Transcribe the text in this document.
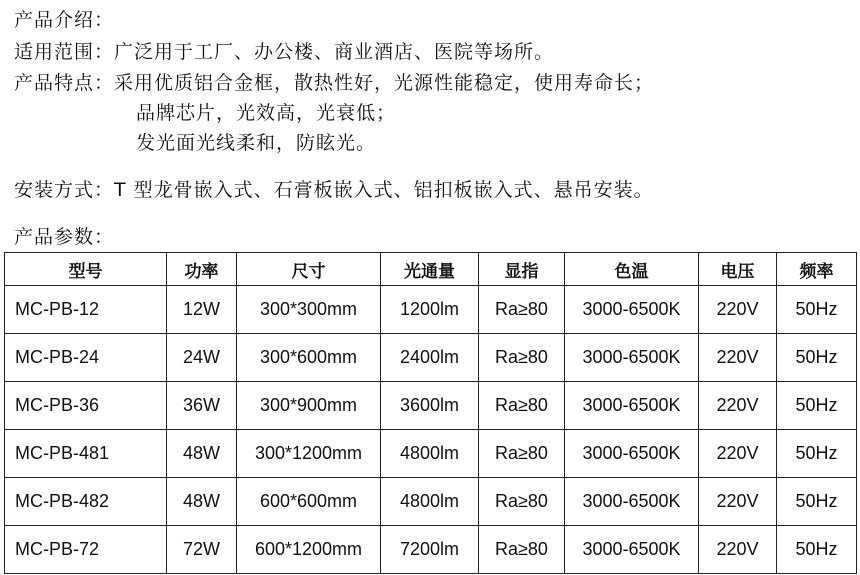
产品介绍：
适用范围：广泛用于工厂、办公楼、商业酒店、医院等场所。
产品特点：采用优质铝合金框，散热性好，光源性能稳定，使用寿命长；
品牌芯片，光效高，光衰低；
发光面光线柔和，防眩光。
安装方式：T 型龙骨嵌入式、石膏板嵌入式、铝扣板嵌入式、悬吊安装。
产品参数：
型号	功率	尺寸	光通量	显指	色温	电压	频率
MC-PB-12	12W	300*300mm	1200lm	Ra≥80	3000-6500K	220V	50Hz
MC-PB-24	24W	300*600mm	2400lm	Ra≥80	3000-6500K	220V	50Hz
MC-PB-36	36W	300*900mm	3600lm	Ra≥80	3000-6500K	220V	50Hz
MC-PB-481	48W	300*1200mm	4800lm	Ra≥80	3000-6500K	220V	50Hz
MC-PB-482	48W	600*600mm	4800lm	Ra≥80	3000-6500K	220V	50Hz
MC-PB-72	72W	600*1200mm	7200lm	Ra≥80	3000-6500K	220V	50Hz
